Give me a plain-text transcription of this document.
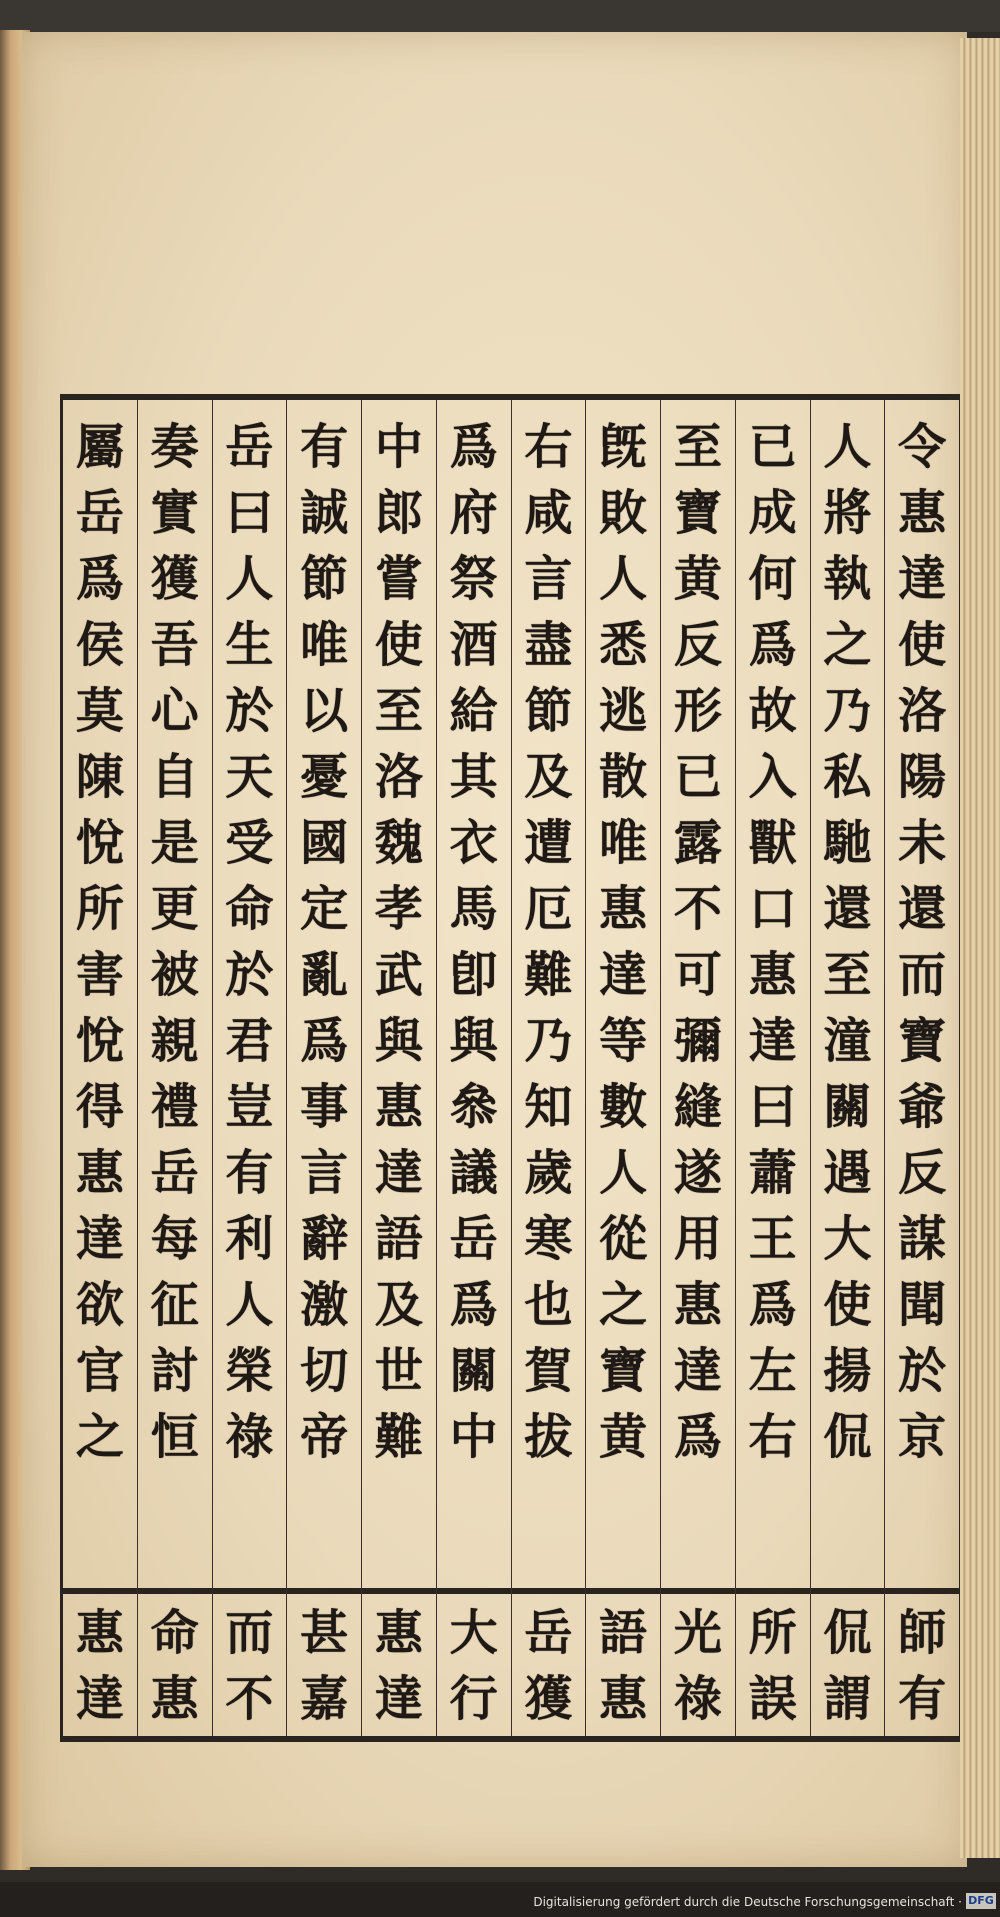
令
惠
達
使
洛
陽
未
還
而
寶
爺
反
謀
聞
於
京
師
有
人
將
執
之
乃
私
馳
還
至
潼
關
遇
大
使
揚
侃
侃
謂
已
成
何
爲
故
入
獸
口
惠
達
曰
蕭
王
爲
左
右
所
誤
至
寶
黄
反
形
已
露
不
可
彌
縫
遂
用
惠
達
爲
光
祿
旣
敗
人
悉
逃
散
唯
惠
達
等
數
人
從
之
寶
黄
語
惠
右
咸
言
盡
節
及
遭
厄
難
乃
知
歲
寒
也
賀
拔
岳
獲
爲
府
祭
酒
給
其
衣
馬
卽
與
叅
議
岳
爲
關
中
大
行
中
郎
嘗
使
至
洛
魏
孝
武
與
惠
達
語
及
世
難
惠
達
有
誠
節
唯
以
憂
國
定
亂
爲
事
言
辭
激
切
帝
甚
嘉
岳
曰
人
生
於
天
受
命
於
君
豈
有
利
人
榮
祿
而
不
奏
實
獲
吾
心
自
是
更
被
親
禮
岳
每
征
討
恒
命
惠
屬
岳
爲
侯
莫
陳
悅
所
害
悅
得
惠
達
欲
官
之
惠
達
Digitalisierung gefördert durch die Deutsche Forschungsgemeinschaft · DFG
